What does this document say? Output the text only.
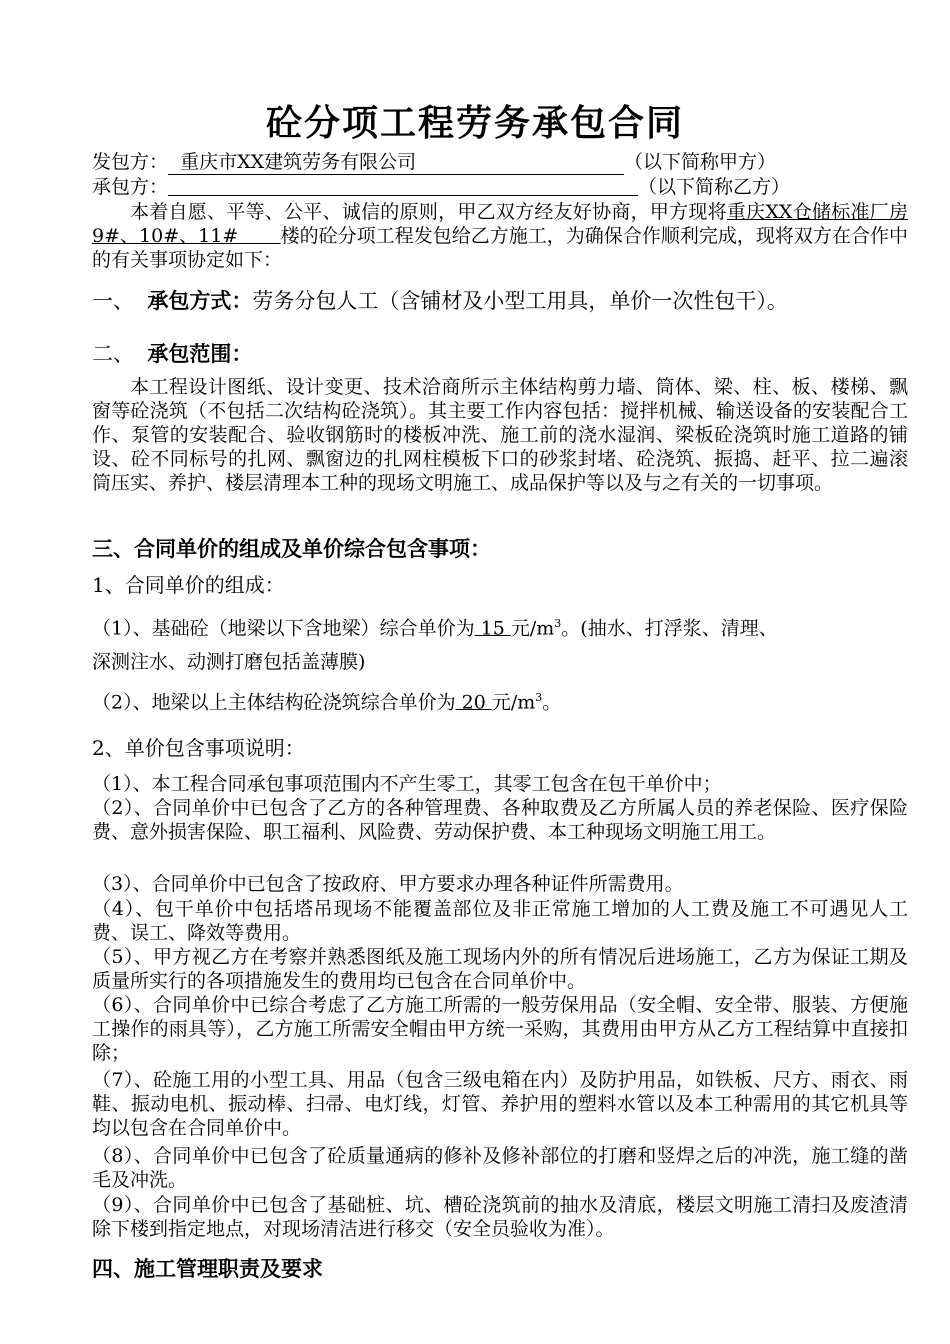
砼分项工程劳务承包合同
发包方： 重庆市XX建筑劳务有限公司	（以下简称甲方）
承包方：	（以下简称乙方）
本着自愿、平等、公平、诚信的原则，甲乙双方经友好协商，甲方现将重庆XX仓储标准厂房 9#、10#、11# 楼的砼分项工程发包给乙方施工，为确保合作顺利完成，现将双方在合作中的有关事项协定如下：
一、 承包方式：劳务分包人工（含铺材及小型工用具，单价一次性包干）。
二、 承包范围：
本工程设计图纸、设计变更、技术洽商所示主体结构剪力墙、筒体、梁、柱、板、楼梯、飘窗等砼浇筑（不包括二次结构砼浇筑）。其主要工作内容包括：搅拌机械、输送设备的安装配合工作、泵管的安装配合、验收钢筋时的楼板冲洗、施工前的浇水湿润、梁板砼浇筑时施工道路的铺设、砼不同标号的扎网、飘窗边的扎网柱模板下口的砂浆封堵、砼浇筑、振捣、赶平、拉二遍滚筒压实、养护、楼层清理本工种的现场文明施工、成品保护等以及与之有关的一切事项。
三、合同单价的组成及单价综合包含事项：
1、合同单价的组成：
（1）、基础砼（地梁以下含地梁）综合单价为 15 元$/m^3$。(抽水、打浮浆、清理、
深测注水、动测打磨包括盖薄膜)
（2）、地梁以上主体结构砼浇筑综合单价为 20 元$/m^3$。
2、单价包含事项说明：
（1）、本工程合同承包事项范围内不产生零工，其零工包含在包干单价中；
（2）、合同单价中已包含了乙方的各种管理费、各种取费及乙方所属人员的养老保险、医疗保险费、意外损害保险、职工福利、风险费、劳动保护费、本工种现场文明施工用工。
（3）、合同单价中已包含了按政府、甲方要求办理各种证件所需费用。
（4）、包干单价中包括塔吊现场不能覆盖部位及非正常施工增加的人工费及施工不可遇见人工费、误工、降效等费用。
（5）、甲方视乙方在考察并熟悉图纸及施工现场内外的所有情况后进场施工，乙方为保证工期及质量所实行的各项措施发生的费用均已包含在合同单价中。
（6）、合同单价中已综合考虑了乙方施工所需的一般劳保用品（安全帽、安全带、服装、方便施工操作的雨具等），乙方施工所需安全帽由甲方统一采购，其费用由甲方从乙方工程结算中直接扣除；
（7）、砼施工用的小型工具、用品（包含三级电箱在内）及防护用品，如铁板、尺方、雨衣、雨鞋、振动电机、振动棒、扫帚、电灯线，灯管、养护用的塑料水管以及本工种需用的其它机具等均以包含在合同单价中。
（8）、合同单价中已包含了砼质量通病的修补及修补部位的打磨和竖焊之后的冲洗，施工缝的凿毛及冲洗。
（9）、合同单价中已包含了基础桩、坑、槽砼浇筑前的抽水及清底，楼层文明施工清扫及废渣清除下楼到指定地点，对现场清洁进行移交（安全员验收为准）。
四、施工管理职责及要求
